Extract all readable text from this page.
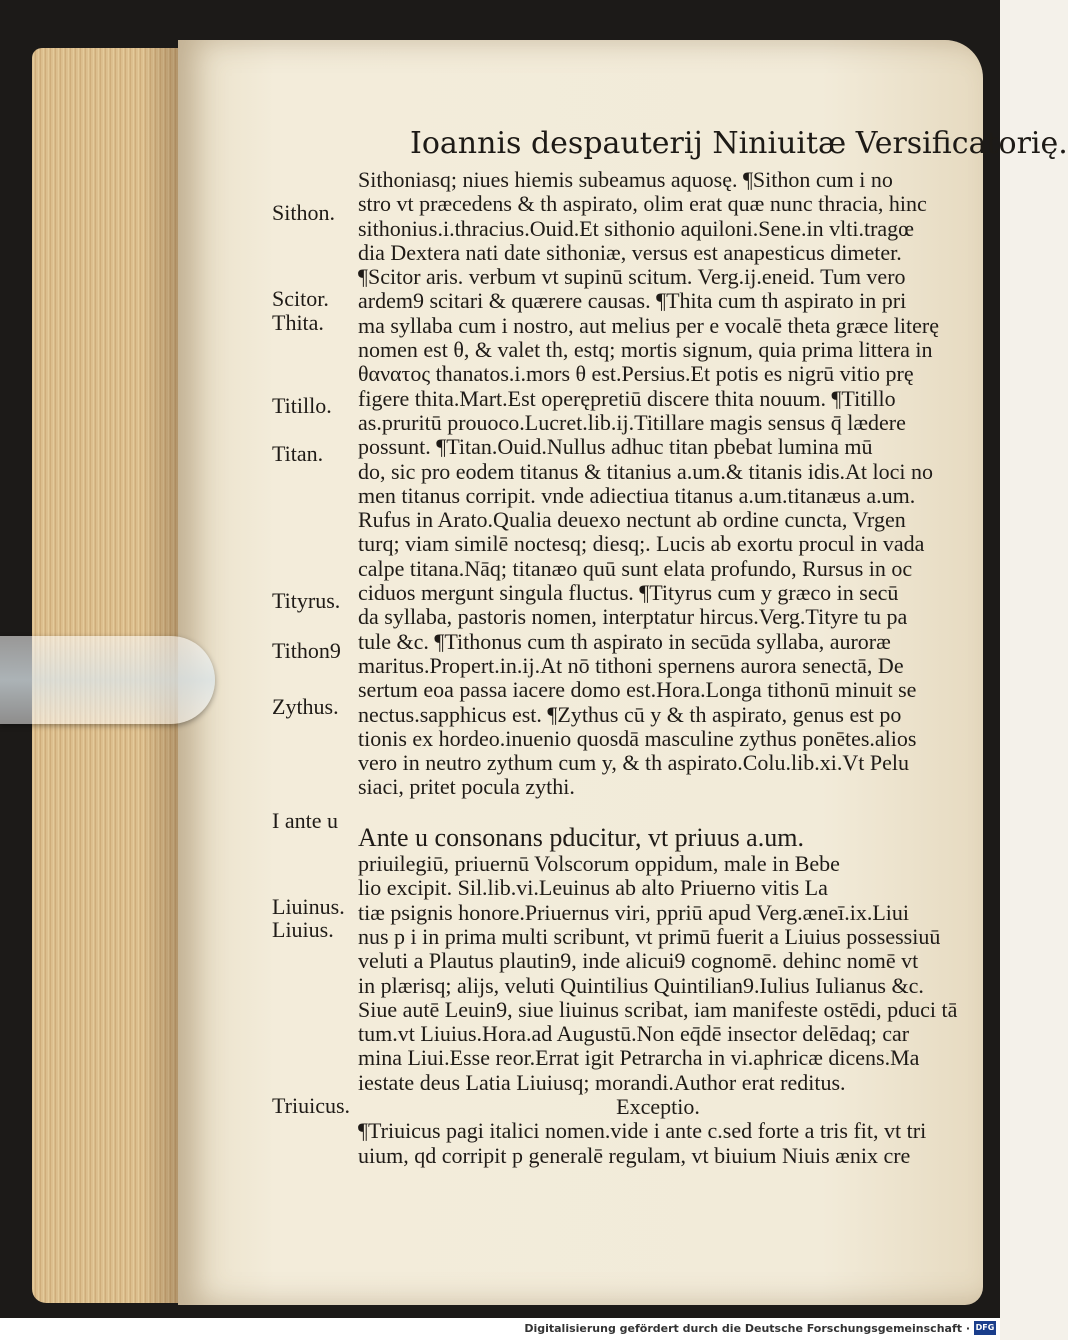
Ioannis despauterij Niniuitæ Versificatorię.
Sithon.
Scitor.
Thita.
Titillo.
Titan.
Tityrus.
Tithon9
Zythus.
I ante u
Liuinus.
Liuius.
Triuicus.
Sithoniasq; niues hiemis subeamus aquosę. ¶Sithon cum i no
stro vt præcedens & th aspirato, olim erat quæ nunc thracia, hinc
sithonius.i.thracius.Ouid.Et sithonio aquiloni.Sene.in vlti.tragœ
dia Dextera nati date sithoniæ, versus est anapesticus dimeter.
¶Scitor aris. verbum vt supinū scitum. Verg.ij.eneid. Tum vero
ardem9 scitari & quærere causas. ¶Thita cum th aspirato in pri
ma syllaba cum i nostro, aut melius per e vocalē theta græce literę
nomen est θ, & valet th, estq; mortis signum, quia prima littera in
θανατος thanatos.i.mors θ est.Persius.Et potis es nigrū vitio prę
figere thita.Mart.Est operępretiū discere thita nouum. ¶Titillo
as.pruritū prouoco.Lucret.lib.ij.Titillare magis sensus q̄ lædere
possunt. ¶Titan.Ouid.Nullus adhuc titan pbebat lumina mū
do, sic pro eodem titanus & titanius a.um.& titanis idis.At loci no
men titanus corripit. vnde adiectiua titanus a.um.titanæus a.um.
Rufus in Arato.Qualia deuexo nectunt ab ordine cuncta, Vrgen
turq; viam similē noctesq; diesq;. Lucis ab exortu procul in vada
calpe titana.Nāq; titanæo quū sunt elata profundo, Rursus in oc
ciduos mergunt singula fluctus. ¶Tityrus cum y græco in secū
da syllaba, pastoris nomen, interptatur hircus.Verg.Tityre tu pa
tule &c. ¶Tithonus cum th aspirato in secūda syllaba, auroræ
maritus.Propert.in.ij.At nō tithoni spernens aurora senectā, De
sertum eoa passa iacere domo est.Hora.Longa tithonū minuit se
nectus.sapphicus est. ¶Zythus cū y & th aspirato, genus est po
tionis ex hordeo.inuenio quosdā masculine zythus ponētes.alios
vero in neutro zythum cum y, & th aspirato.Colu.lib.xi.Vt Pelu
siaci, pritet pocula zythi.
Ante u consonans pducitur, vt priuus a.um.
priuilegiū, priuernū Volscorum oppidum, male in Bebe
lio excipit. Sil.lib.vi.Leuinus ab alto Priuerno vitis La
tiæ psignis honore.Priuernus viri, ppriū apud Verg.æneī.ix.Liui
nus p i in prima multi scribunt, vt primū fuerit a Liuius possessiuū
veluti a Plautus plautin9, inde alicui9 cognomē. dehinc nomē vt
in plærisq; alijs, veluti Quintilius Quintilian9.Iulius Iulianus &c.
Siue autē Leuin9, siue liuinus scribat, iam manifeste ostēdi, pduci tā
tum.vt Liuius.Hora.ad Augustū.Non eq̄dē insector delēdaq; car
mina Liui.Esse reor.Errat igit Petrarcha in vi.aphricæ dicens.Ma
iestate deus Latia Liuiusq; morandi.Author erat reditus.
Exceptio.
¶Triuicus pagi italici nomen.vide i ante c.sed forte a tris fit, vt tri
uium, qd corripit p generalē regulam, vt biuium Niuis ænix cre
Digitalisierung gefördert durch die Deutsche Forschungsgemeinschaft · DFG
